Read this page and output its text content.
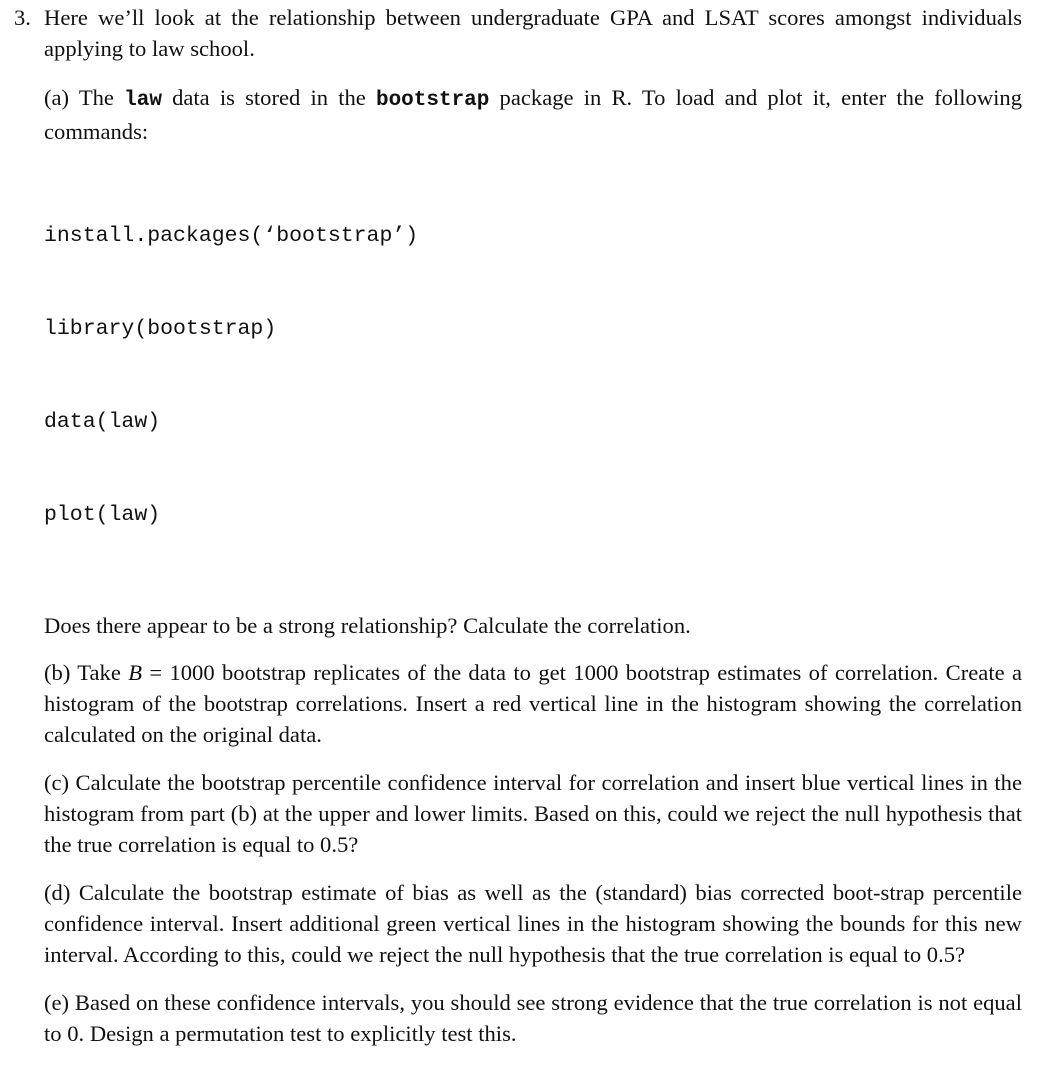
3. Here we’ll look at the relationship between undergraduate GPA and LSAT scores amongst individuals applying to law school.

(a) The law data is stored in the bootstrap package in R. To load and plot it, enter the following commands:

install.packages(‘bootstrap’)

library(bootstrap)

data(law)

plot(law)

Does there appear to be a strong relationship? Calculate the correlation.

(b) Take B = 1000 bootstrap replicates of the data to get 1000 bootstrap estimates of correlation. Create a histogram of the bootstrap correlations. Insert a red vertical line in the histogram showing the correlation calculated on the original data.

(c) Calculate the bootstrap percentile confidence interval for correlation and insert blue vertical lines in the histogram from part (b) at the upper and lower limits. Based on this, could we reject the null hypothesis that the true correlation is equal to 0.5?

(d) Calculate the bootstrap estimate of bias as well as the (standard) bias corrected boot-strap percentile confidence interval. Insert additional green vertical lines in the histogram showing the bounds for this new interval. According to this, could we reject the null hypothesis that the true correlation is equal to 0.5?

(e) Based on these confidence intervals, you should see strong evidence that the true correlation is not equal to 0. Design a permutation test to explicitly test this.
